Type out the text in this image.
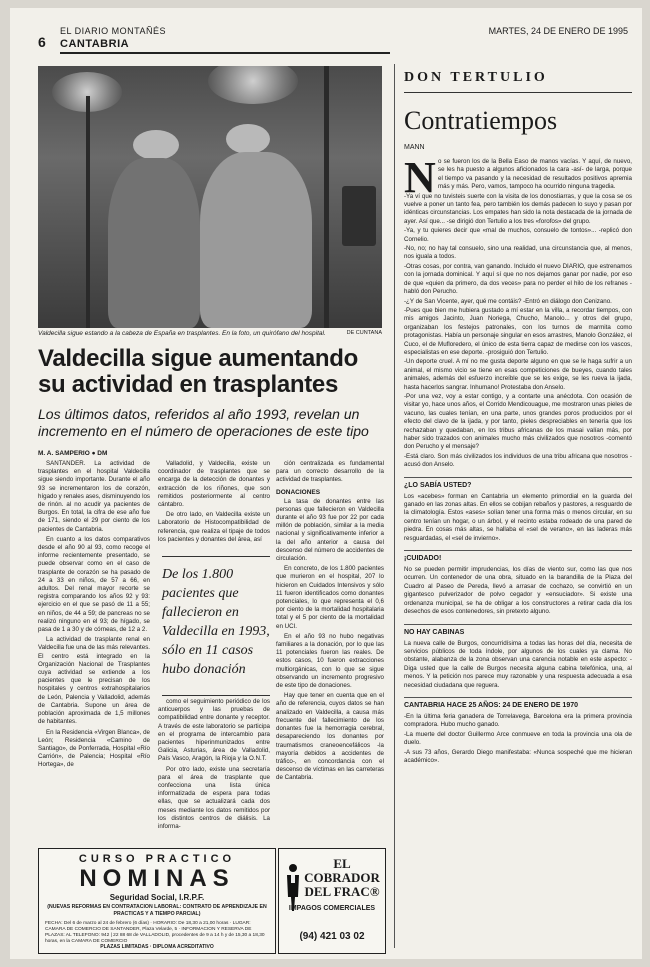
6
EL DIARIO MONTAÑÉS
CANTABRIA
MARTES, 24 DE ENERO DE 1995
Valdecilla sigue estando a la cabeza de España en trasplantes. En la foto, un quirófano del hospital.	DE CUNTANA
Valdecilla sigue aumentando su actividad en trasplantes
Los últimos datos, referidos al año 1993, revelan un incremento en el número de operaciones de este tipo
M. A. SAMPERIO ● DM

SANTANDER. La actividad de trasplantes en el hospital Valdecilla sigue siendo importante. Durante el año 93 se incrementaron los de corazón, hígado y renales ases, disminuyendo los de rinón. al no acudir ya pacientes de Burgos. En total, la cifra de ese año fue de 171, siendo el 29 por ciento de los pacientes de Cantabria.

En cuanto a los datos comparativos desde el año 90 al 93, como recoge el informe recientemente presentado, se puede observar como en el caso de trasplante de corazón se ha pasado de 24 a 33 en niños, de 57 a 66, en adultos. Del renal mayor recorte se registra comparando los años 92 y 93: ejercicio en el que se pasó de 11 a 55; en niños, de 44 a 59; de pancreas no se realizó ninguno en el 93; de hígado, se pasa de 1 a 30 y de córneas, de 12 a 2.

La actividad de trasplante renal en Valdecilla fue una de las más relevantes. El centro está integrado en la Organización Nacional de Trasplantes cuya actividad se extiende a los pacientes que le precisan de los hospitales y centros extrahospitalarios de León, Palencia y Valladolid, además de Cantabria. Supone un área de población aproximada de 1,5 millones de habitantes.

En la Residencia «Virgen Blanca», de León; Residencia «Camino de Santiago», de Ponferrada, Hospital «Río Carrión», de Palencia; Hospital «Río Hortega», de

Valladolid, y Valdecilla, existe un coordinador de trasplantes que se encarga de la detección de donantes y extracción de los riñones, que son remitidos posteriormente al centro cántabro.

De otro lado, en Valdecilla existe un Laboratorio de Histocompatibilidad de referencia, que realiza el tipaje de todos los pacientes y donantes del área, así

De los 1.800 pacientes que fallecieron en Valdecilla en 1993, sólo en 11 casos hubo donación

como el seguimiento periódico de los anticuerpos y las pruebas de compatibilidad entre donante y receptor. A través de este laboratorio se participa en el programa de intercambio para pacientes hiperinmunizados entre Galicia, Asturias, área de Valladolid, País Vasco, Aragón, la Rioja y la O.N.T.

Por otro lado, existe una secretaría para el área de trasplante que confecciona una lista única informatizada de espera para todas ellas, que se actualizará cada dos meses mediante los datos remitidos por los distintos centros de diálisis. La informa-

ción centralizada es fundamental para un correcto desarrollo de la actividad de trasplantes.

DONACIONES

La tasa de donantes entre las personas que fallecieron en Valdecilla durante el año 93 fue por 22 por cada millón de población, similar a la media nacional y significativamente inferior a la del año anterior a causa del descenso del número de accidentes de circulación.

En concreto, de los 1.800 pacientes que murieron en el hospital, 207 lo hicieron en Cuidados Intensivos y sólo 11 fueron identificados como donantes potenciales, lo que representa el 0,6 por ciento de la mortalidad hospitalaria total y el 5 por ciento de la mortalidad en UCI.

En el año 93 no hubo negativas familiares a la donación, por lo que las 11 potenciales fueron las reales. De estos casos, 10 fueron extracciones multiorgánicas, con lo que se sigue observando un incremento progresivo de este tipo de donaciones.

Hay que tener en cuenta que en el año de referencia, cuyos datos se han analizado en Valdecilla, a causa más frecuente del fallecimiento de los donantes fue la hemorragia cerebral, desapareciendo los donantes por traumatismos craneoencefálicos -la mayoría debidos a accidentes de tráfico-, en concordancia con el descenso de víctimas en las carreteras de Cantabria.

CURSO PRACTICO
NOMINAS
Seguridad Social, I.R.P.F.
(NUEVAS REFORMAS EN CONTRATACION LABORAL: CONTRATO DE APRENDIZAJE EN PRACTICAS Y A TIEMPO PARCIAL)
FECHA: Del 6 de marzo al 24 de febrero (6 días) · HORARIO: De 18,30 a 21,00 horas · LUGAR: CAMARA DE COMERCIO DE SANTANDER, Plaza Velarde, 5 · INFORMACION Y RESERVA DE PLAZAS: AL TELEFONO: 942 | 22 88 68 de VALLADOLID, procedentes de 9 a 14 h y de 15,30 a 18,30 horas, en la CAMARA DE COMERCIO
PLAZAS LIMITADAS · DIPLOMA ACREDITATIVO
EL COBRADOR DEL FRAC®
IMPAGOS COMERCIALES
(94) 421 03 02
DON TERTULIO
Contratiempos
MANN
N o se fueron los de la Bella Easo de manos vacías. Y aquí, de nuevo, se les ha puesto a algunos aficionados la cara -así- de larga, porque el tiempo va pasando y la necesidad de resultados positivos apremia más y más. Pero, vamos, tampoco ha ocurrido ninguna tragedia.

-Ya ví que no tuvisteis suerte con la visita de los donostiarras, y que la cosa se os vuelve a poner un tanto fea, pero también los demás padecen lo suyo y pasan por idénticas circunstancias. Los empates han sido la nota destacada de la jornada de ayer. Así que... -se dirigió don Tertulio a los tres «forofos» del grupo.

-Ya, y tu quieres decir que «mal de muchos, consuelo de tontos»... -replicó don Cornelio.

-No, no; no hay tal consuelo, sino una realidad, una circunstancia que, al menos, nos iguala a todos.

-Otras cosas, por contra, van ganando. Incluido el nuevo DIARIO, que estrenamos con la jornada dominical. Y aquí sí que no nos dejamos ganar por nadie, por eso de que «quien da primero, da dos veces» para no perder el hilo de los refranes -habló don Perucho.

-¿Y de San Vicente, ayer, qué me contáis? -Entró en diálogo don Cenizano.

-Pues que bien me hubiera gustado a mí estar en la villa, a recordar tiempos, con mis amigos Jacinto, Juan Noriega, Chucho, Manolo... y otros del grupo, organizaban los festejos patronales, con los turnos de marmita como protagonistas. Había un personaje singular en esos arrastres, Manolo González, el Cuco, el de Mufloredero, el único de esta tierra capaz de medirse con los vascos, especialistas en ese deporte. -prosiguió don Tertulio.

-Un deporte cruel. A mí no me gusta deporte alguno en que se le haga sufrir a un animal, el mismo vicio se tiene en esas competiciones de bueyes, cuando tales animales, además del esfuerzo increíble que se les exige, se les rueva la ijada, hasta hacerlos sangrar. Inhumano! Protestaba don Anselo.

-Por una vez, voy a estar contigo, y a contarte una anécdota. Con ocasión de visitar yo, hace unos años, el Corrido Mendicouague, me mostraron unas pieles de vacuno, las cuales tenían, en una parte, unos grandes poros producidos por el efecto del clavo de la ijada, y por tanto, pieles despreciables en tenería que los rechazaban y quedaban, en los tribus africanas de los masai valían más, por haber sido trazados con animales mucho más civilizados que nosotros -comentó don Perucho y el mensaje?

-Está claro. Son más civilizados los individuos de una tribu africana que nosotros -acusó don Anselo.

¿LO SABÍA USTED?

Los «acebes» forman en Cantabria un elemento primordial en la guarda del ganado en las zonas altas. En ellos se cobijan rebaños y pastores, a resguardo de la climatología. Estos «ases» solían tener una forma más o menos circular, en su centro tenían un hogar, o un árbol, y el recinto estaba rodeado de una pared de piedra. En cosas más altas, se hallaba el «sel de verano», en las laderas más resguardadas, el «sel de invierno».

¡CUIDADO!

No se pueden permitir imprudencias, los días de viento sur, como las que nos ocurren. Un contenedor de una obra, situado en la barandilla de la Plaza del Cuadro al Paseo de Pereda, llevó a arrasar de cochazo, se convirtió en un gigantesco pulverizador de polvo cegador y «ensuciador». Si existe una ordenanza municipal, se ha de obligar a los constructores a retirar cada día los desechos de esos contenedores, sin pretexto alguno.

NO HAY CABINAS

La nueva calle de Burgos, concurridísima a todas las horas del día, necesita de servicios públicos de toda índole, por algunos de los cuales ya clama. No obstante, alabanza de la zona observan una carencia notable en este aspecto: -Diga usted que la calle de Burgos necesita alguna cabina telefónica, una, al menos. Y la petición nos parece muy razonable y una respuesta adecuada a esa necesidad ciudadana que reguera.

CANTABRIA HACE 25 AÑOS: 24 DE ENERO DE 1970

-En la última feria ganadera de Torrelavega, Barcelona era la primera provincia compradora. Hubo mucho ganado.

-La muerte del doctor Guillermo Arce conmueve en toda la provincia una ola de duelo.

-A sus 73 años, Gerardo Diego manifestaba: «Nunca sospeché que me hicieran académico».
